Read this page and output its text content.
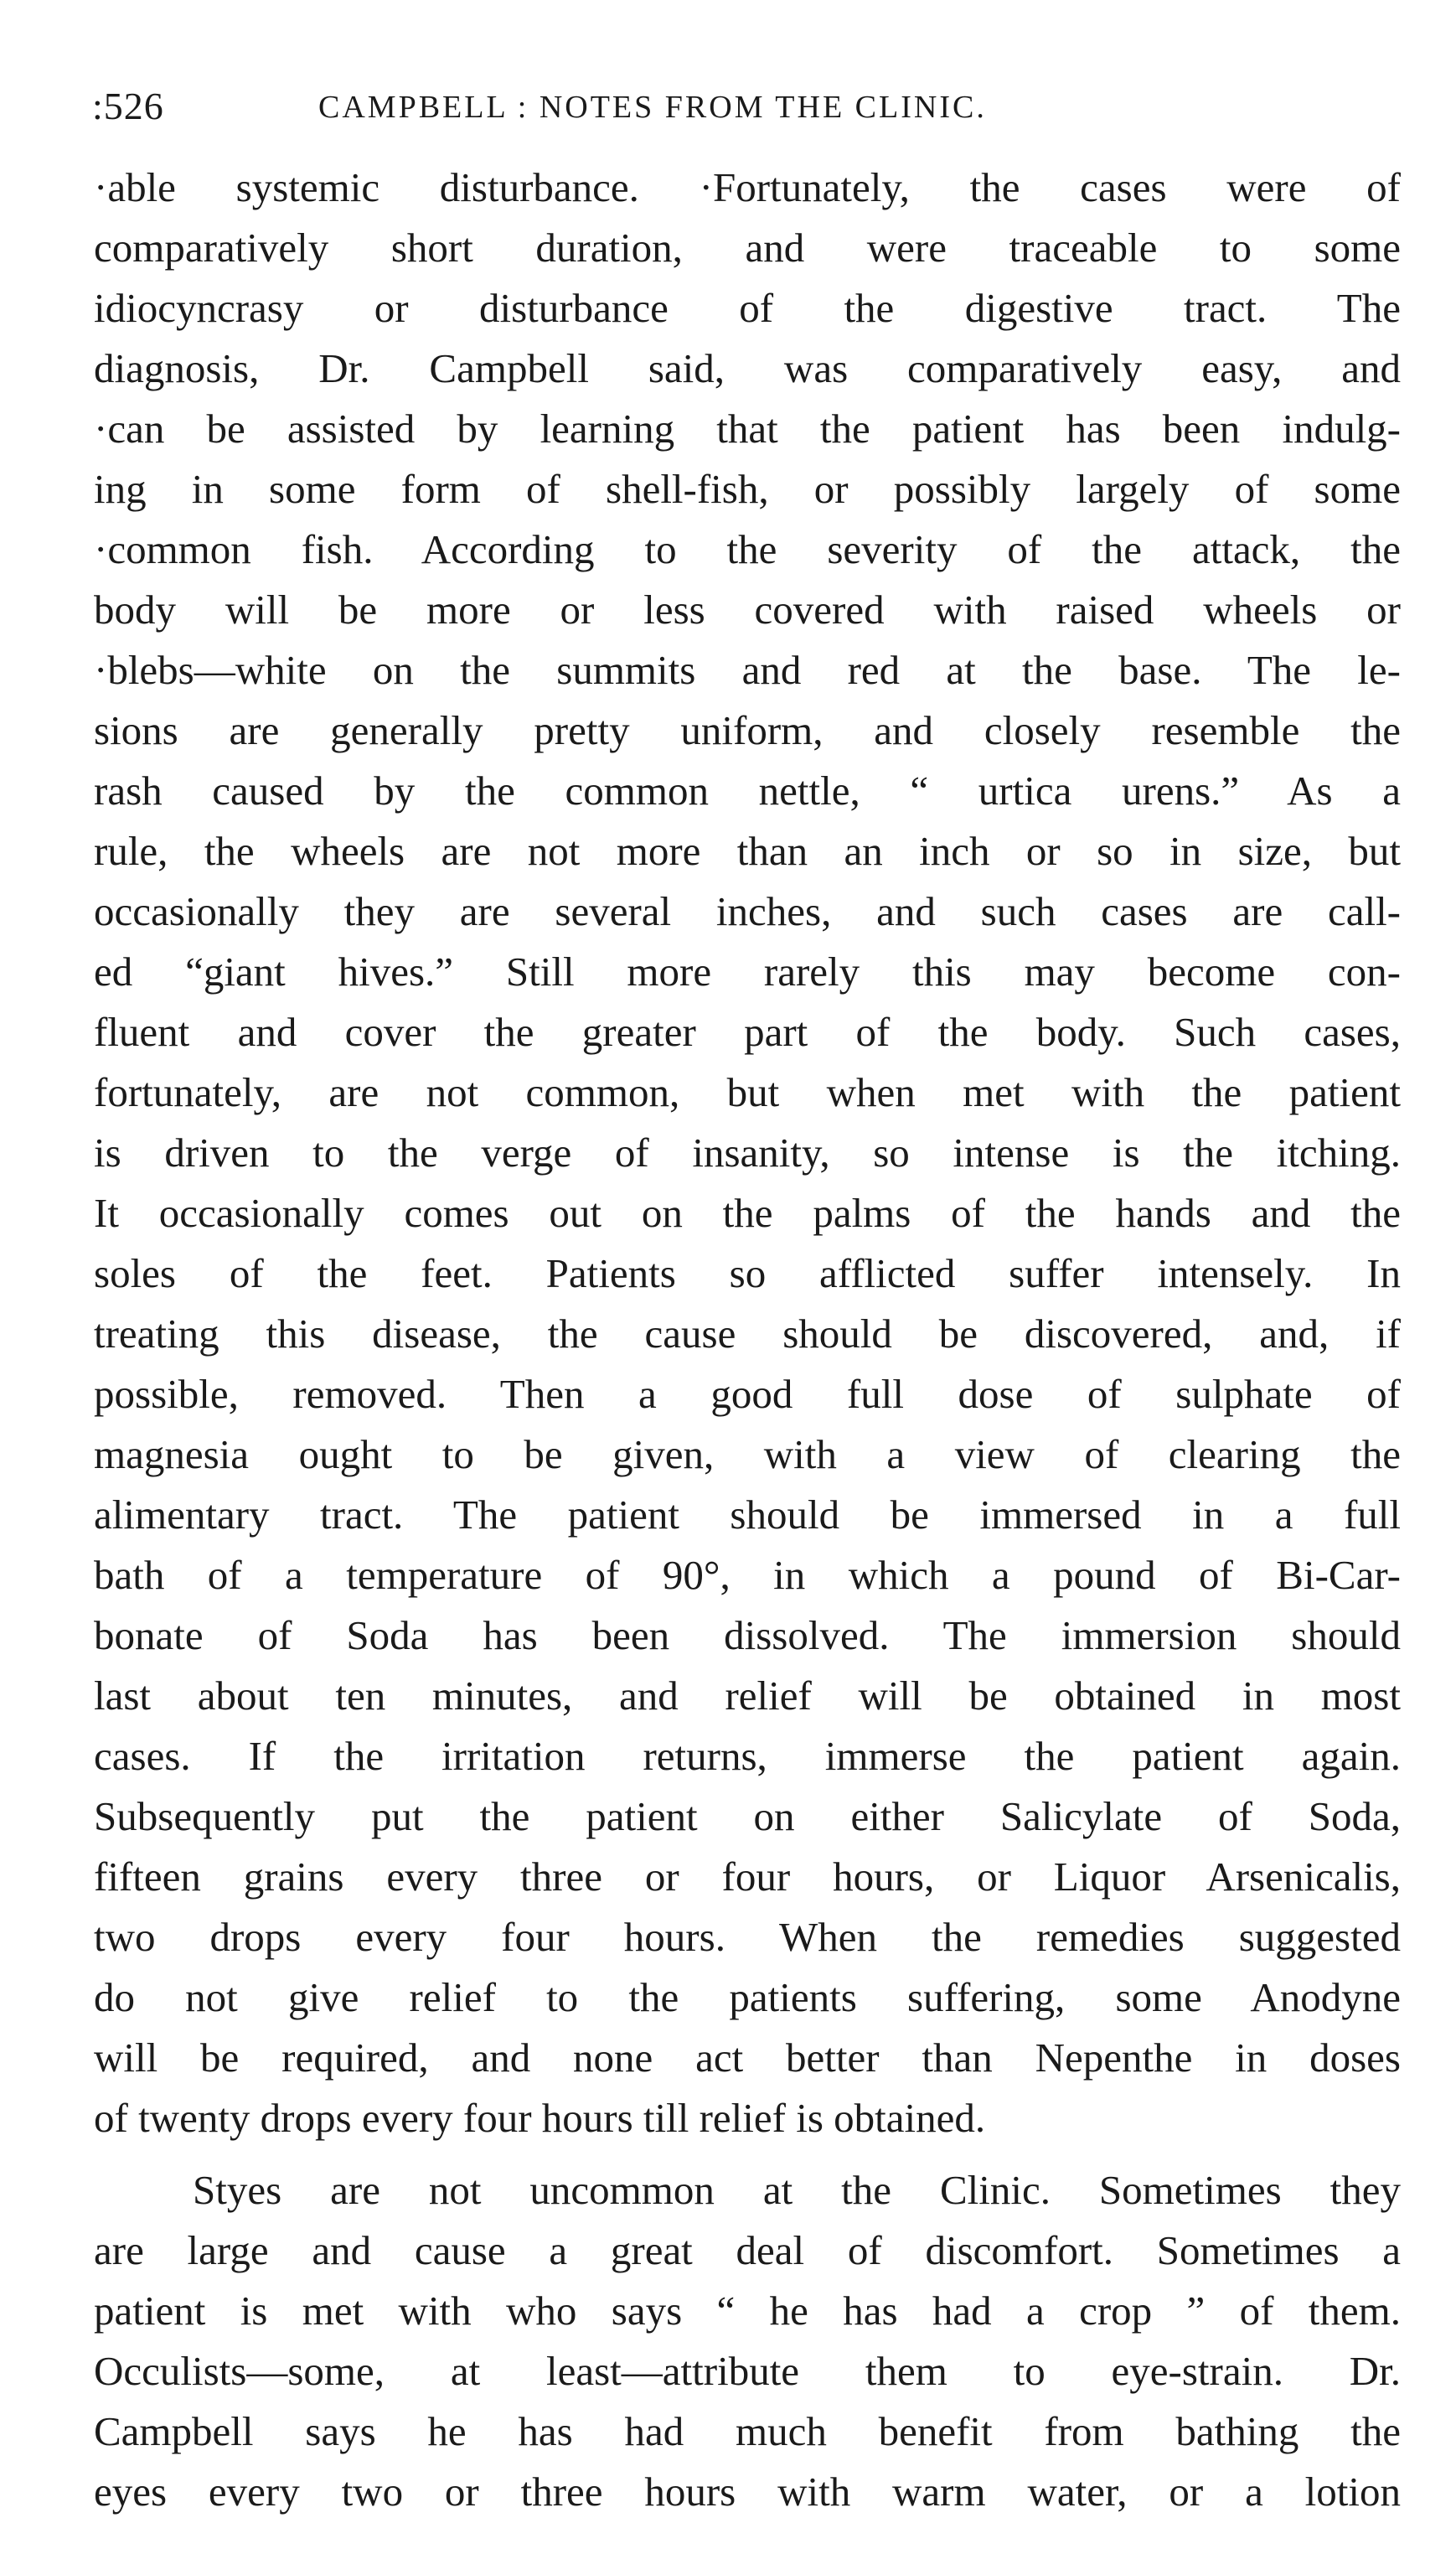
:526	CAMPBELL : NOTES FROM THE CLINIC.
·able systemic disturbance. ·Fortunately, the cases were of
comparatively short duration, and were traceable to some
idiocyncrasy or disturbance of the digestive tract. The
diagnosis, Dr. Campbell said, was comparatively easy, and
·can be assisted by learning that the patient has been indulg-
ing in some form of shell-fish, or possibly largely of some
·common fish. According to the severity of the attack, the
body will be more or less covered with raised wheels or
·blebs—white on the summits and red at the base. The le-
sions are generally pretty uniform, and closely resemble the
rash caused by the common nettle, “ urtica urens.” As a
rule, the wheels are not more than an inch or so in size, but
occasionally they are several inches, and such cases are call-
ed “giant hives.” Still more rarely this may become con-
fluent and cover the greater part of the body. Such cases,
fortunately, are not common, but when met with the patient
is driven to the verge of insanity, so intense is the itching.
It occasionally comes out on the palms of the hands and the
soles of the feet. Patients so afflicted suffer intensely. In
treating this disease, the cause should be discovered, and, if
possible, removed. Then a good full dose of sulphate of
magnesia ought to be given, with a view of clearing the
alimentary tract. The patient should be immersed in a full
bath of a temperature of 90°, in which a pound of Bi-Car-
bonate of Soda has been dissolved. The immersion should
last about ten minutes, and relief will be obtained in most
cases. If the irritation returns, immerse the patient again.
Subsequently put the patient on either Salicylate of Soda,
fifteen grains every three or four hours, or Liquor Arsenicalis,
two drops every four hours. When the remedies suggested
do not give relief to the patients suffering, some Anodyne
will be required, and none act better than Nepenthe in doses
of twenty drops every four hours till relief is obtained.
Styes are not uncommon at the Clinic. Sometimes they
are large and cause a great deal of discomfort. Sometimes a
patient is met with who says “ he has had a crop ” of them.
Occulists—some, at least—attribute them to eye-strain. Dr.
Campbell says he has had much benefit from bathing the
eyes every two or three hours with warm water, or a lotion
